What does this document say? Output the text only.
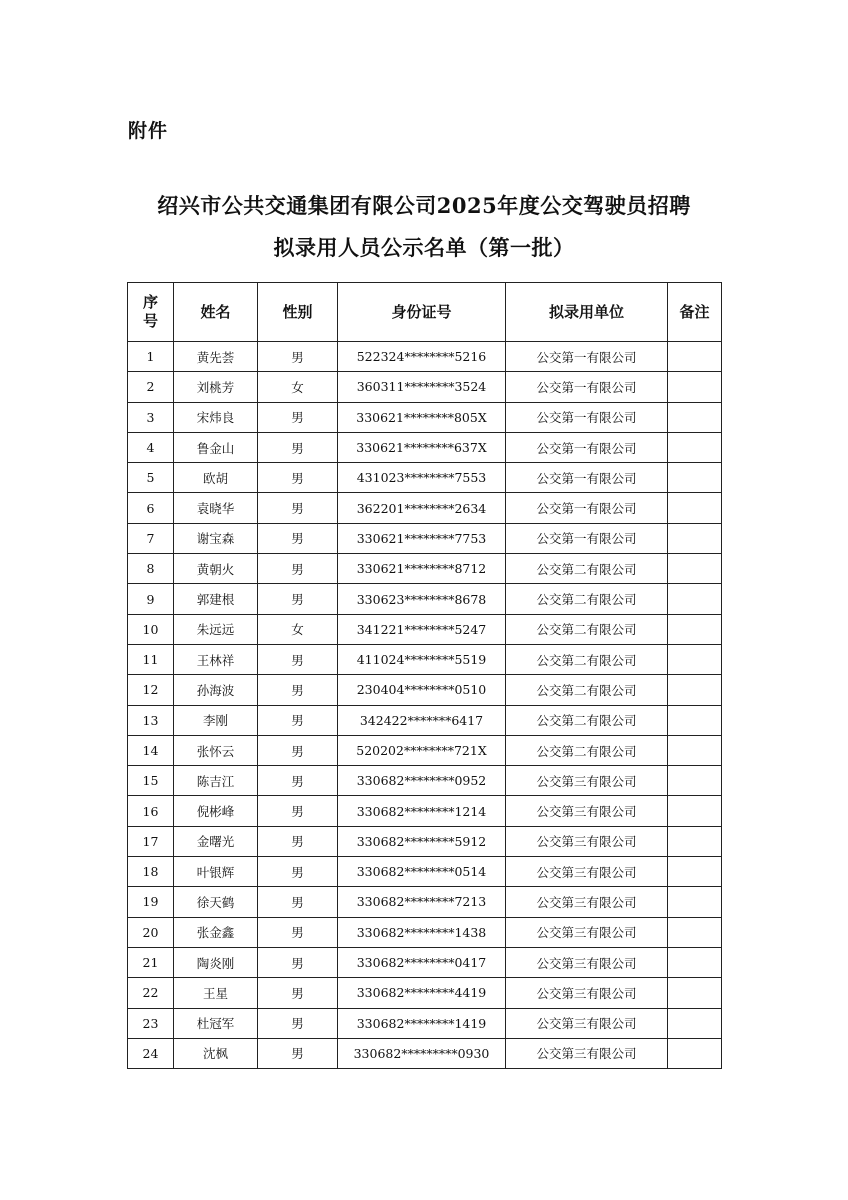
附件
绍兴市公共交通集团有限公司2025年度公交驾驶员招聘
拟录用人员公示名单（第一批）
序号	姓名	性别	身份证号	拟录用单位	备注
1	黄先荟	男	522324********5216	公交第一有限公司	
2	刘桃芳	女	360311********3524	公交第一有限公司	
3	宋炜良	男	330621********805X	公交第一有限公司	
4	鲁金山	男	330621********637X	公交第一有限公司	
5	欧胡	男	431023********7553	公交第一有限公司	
6	袁晓华	男	362201********2634	公交第一有限公司	
7	谢宝森	男	330621********7753	公交第一有限公司	
8	黄朝火	男	330621********8712	公交第二有限公司	
9	郭建根	男	330623********8678	公交第二有限公司	
10	朱远远	女	341221********5247	公交第二有限公司	
11	王林祥	男	411024********5519	公交第二有限公司	
12	孙海波	男	230404********0510	公交第二有限公司	
13	李刚	男	342422*******6417	公交第二有限公司	
14	张怀云	男	520202********721X	公交第二有限公司	
15	陈吉江	男	330682********0952	公交第三有限公司	
16	倪彬峰	男	330682********1214	公交第三有限公司	
17	金曙光	男	330682********5912	公交第三有限公司	
18	叶银辉	男	330682********0514	公交第三有限公司	
19	徐天鹤	男	330682********7213	公交第三有限公司	
20	张金鑫	男	330682********1438	公交第三有限公司	
21	陶炎刚	男	330682********0417	公交第三有限公司	
22	王星	男	330682********4419	公交第三有限公司	
23	杜冠军	男	330682********1419	公交第三有限公司	
24	沈枫	男	330682*********0930	公交第三有限公司	
